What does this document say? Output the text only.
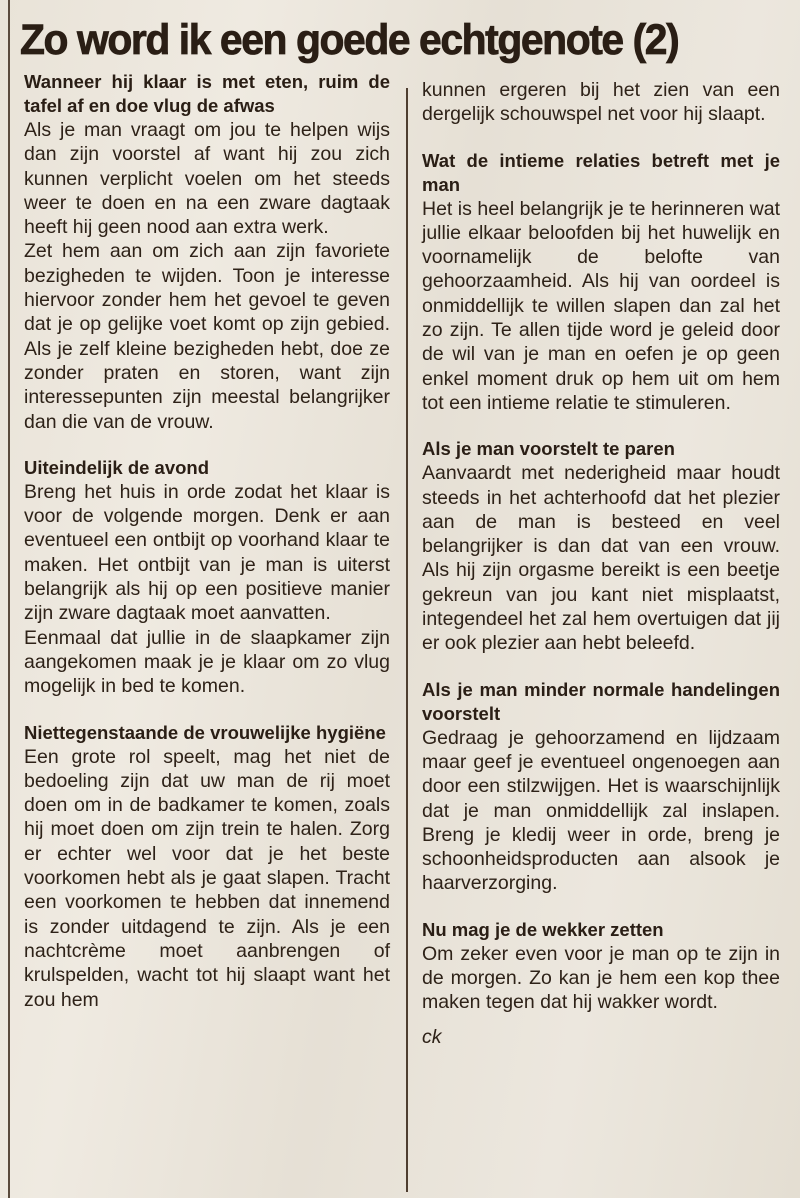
Zo word ik een goede echtgenote (2)

Wanneer hij klaar is met eten, ruim de tafel af en doe vlug de afwas

Als je man vraagt om jou te helpen wijs dan zijn voorstel af want hij zou zich kunnen verplicht voelen om het steeds weer te doen en na een zware dagtaak heeft hij geen nood aan extra werk.

Zet hem aan om zich aan zijn favoriete bezigheden te wijden. Toon je interesse hiervoor zonder hem het gevoel te geven dat je op gelijke voet komt op zijn gebied. Als je zelf kleine bezigheden hebt, doe ze zonder praten en storen, want zijn interessepunten zijn meestal belangrijker dan die van de vrouw.

Uiteindelijk de avond

Breng het huis in orde zodat het klaar is voor de volgende morgen. Denk er aan eventueel een ontbijt op voorhand klaar te maken. Het ontbijt van je man is uiterst belangrijk als hij op een positieve manier zijn zware dagtaak moet aanvatten.

Eenmaal dat jullie in de slaapkamer zijn aangekomen maak je je klaar om zo vlug mogelijk in bed te komen.

Niettegenstaande de vrouwelijke hygiëne

Een grote rol speelt, mag het niet de bedoeling zijn dat uw man de rij moet doen om in de badkamer te komen, zoals hij moet doen om zijn trein te halen. Zorg er echter wel voor dat je het beste voorkomen hebt als je gaat slapen. Tracht een voorkomen te hebben dat innemend is zonder uitdagend te zijn. Als je een nachtcrème moet aanbrengen of krulspelden, wacht tot hij slaapt want het zou hem

kunnen ergeren bij het zien van een dergelijk schouwspel net voor hij slaapt.

Wat de intieme relaties betreft met je man

Het is heel belangrijk je te herinneren wat jullie elkaar beloofden bij het huwelijk en voornamelijk de belofte van gehoorzaamheid. Als hij van oordeel is onmiddellijk te willen slapen dan zal het zo zijn. Te allen tijde word je geleid door de wil van je man en oefen je op geen enkel moment druk op hem uit om hem tot een intieme relatie te stimuleren.

Als je man voorstelt te paren

Aanvaardt met nederigheid maar houdt steeds in het achterhoofd dat het plezier aan de man is besteed en veel belangrijker is dan dat van een vrouw. Als hij zijn orgasme bereikt is een beetje gekreun van jou kant niet misplaatst, integendeel het zal hem overtuigen dat jij er ook plezier aan hebt beleefd.

Als je man minder normale handelingen voorstelt

Gedraag je gehoorzamend en lijdzaam maar geef je eventueel ongenoegen aan door een stilzwijgen. Het is waarschijnlijk dat je man onmiddellijk zal inslapen. Breng je kledij weer in orde, breng je schoonheidsproducten aan alsook je haarverzorging.

Nu mag je de wekker zetten

Om zeker even voor je man op te zijn in de morgen. Zo kan je hem een kop thee maken tegen dat hij wakker wordt.

ck
